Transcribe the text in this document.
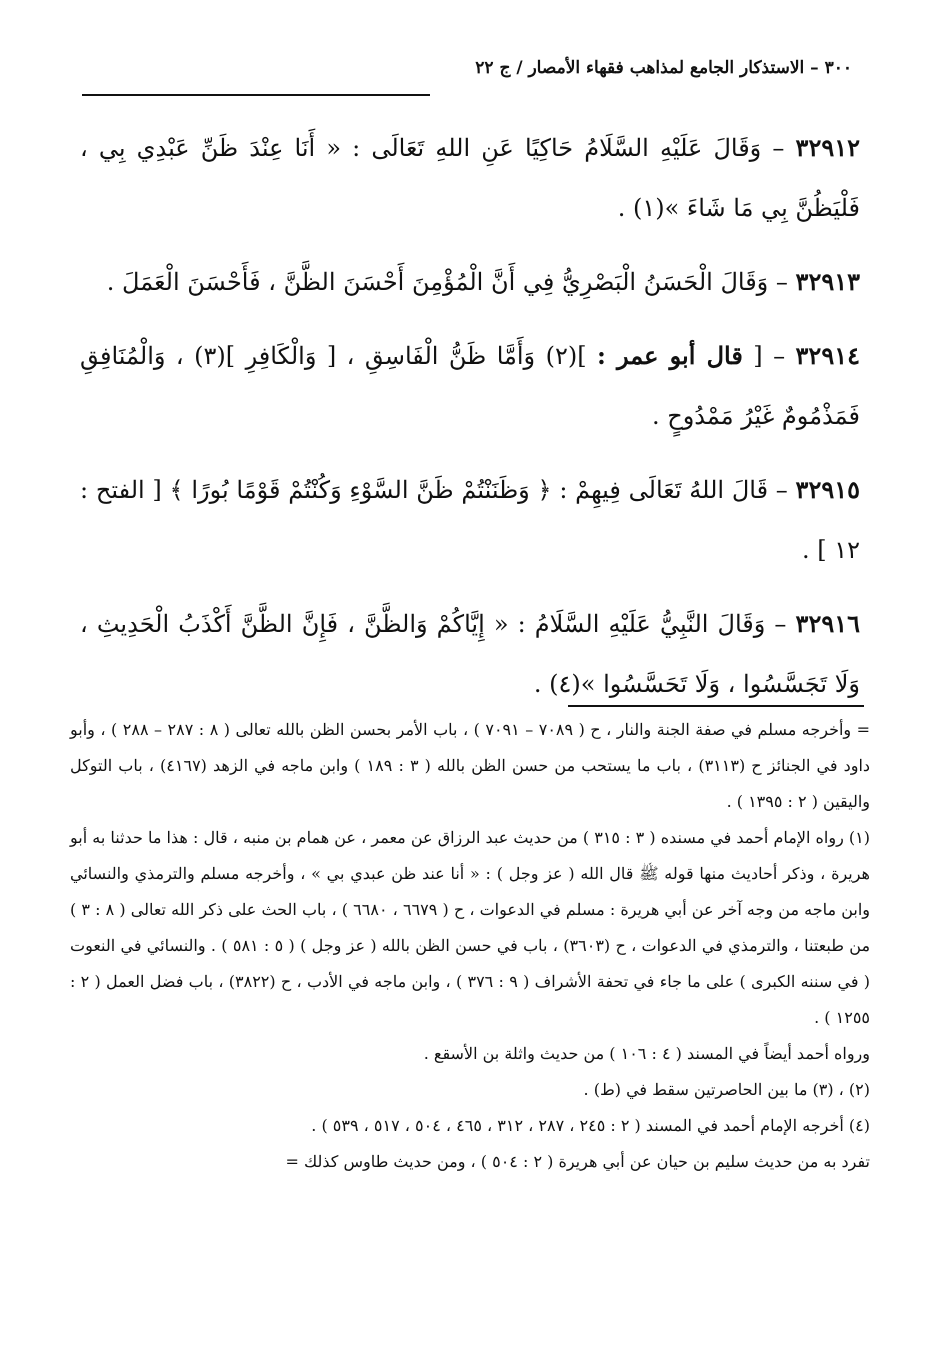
٣٠٠ – الاستذكار الجامع لمذاهب فقهاء الأمصار / ج ٢٢

٣٢٩١٢ – وَقَالَ عَلَيْهِ السَّلَامُ حَاكِيًا عَنِ اللهِ تَعَالَى : « أَنَا عِنْدَ ظَنِّ عَبْدِي بِي ، فَلْيَظُنَّ بِي مَا شَاءَ »(١) .

٣٢٩١٣ – وَقَالَ الْحَسَنُ الْبَصْرِيُّ فِي أَنَّ الْمُؤْمِنَ أَحْسَنَ الظَّنَّ ، فَأَحْسَنَ الْعَمَلَ .

٣٢٩١٤ – [ قال أبو عمر : ](٢) وَأَمَّا ظَنُّ الْفَاسِقِ ، [ وَالْكَافِرِ ](٣) ، وَالْمُنَافِقِ فَمَذْمُومٌ غَيْرُ مَمْدُوحٍ .

٣٢٩١٥ – قَالَ اللهُ تَعَالَى فِيهِمْ : ﴿ وَظَنَنْتُمْ ظَنَّ السَّوْءِ وَكُنْتُمْ قَوْمًا بُورًا ﴾ [ الفتح : ١٢ ] .

٣٢٩١٦ – وَقَالَ النَّبِيُّ عَلَيْهِ السَّلَامُ : « إِيَّاكُمْ وَالظَّنَّ ، فَإِنَّ الظَّنَّ أَكْذَبُ الْحَدِيثِ ، وَلَا تَجَسَّسُوا ، وَلَا تَحَسَّسُوا »(٤) .

= وأخرجه مسلم في صفة الجنة والنار ، ح ( ٧٠٨٩ – ٧٠٩١ ) ، باب الأمر بحسن الظن بالله تعالى ( ٨ : ٢٨٧ – ٢٨٨ ) ، وأبو داود في الجنائز ح (٣١١٣) ، باب ما يستحب من حسن الظن بالله ( ٣ : ١٨٩ ) وابن ماجه في الزهد (٤١٦٧) ، باب التوكل واليقين ( ٢ : ١٣٩٥ ) .

(١) رواه الإمام أحمد في مسنده ( ٣ : ٣١٥ ) من حديث عبد الرزاق عن معمر ، عن همام بن منبه ، قال : هذا ما حدثنا به أبو هريرة ، وذكر أحاديث منها قوله ﷺ قال الله ( عز وجل ) : « أنا عند ظن عبدي بي » ، وأخرجه مسلم والترمذي والنسائي وابن ماجه من وجه آخر عن أبي هريرة : مسلم في الدعوات ، ح ( ٦٦٧٩ ، ٦٦٨٠ ) ، باب الحث على ذكر الله تعالى ( ٨ : ٣ ) من طبعتنا ، والترمذي في الدعوات ، ح (٣٦٠٣) ، باب في حسن الظن بالله ( عز وجل ) ( ٥ : ٥٨١ ) . والنسائي في النعوت ( في سننه الكبرى ) على ما جاء في تحفة الأشراف ( ٩ : ٣٧٦ ) ، وابن ماجه في الأدب ، ح (٣٨٢٢) ، باب فضل العمل ( ٢ : ١٢٥٥ ) .

ورواه أحمد أيضاً في المسند ( ٤ : ١٠٦ ) من حديث واثلة بن الأسقع .

(٢) ، (٣) ما بين الحاصرتين سقط في (ط) .

(٤) أخرجه الإمام أحمد في المسند ( ٢ : ٢٤٥ ، ٢٨٧ ، ٣١٢ ، ٤٦٥ ، ٥٠٤ ، ٥١٧ ، ٥٣٩ ) .

تفرد به من حديث سليم بن حيان عن أبي هريرة ( ٢ : ٥٠٤ ) ، ومن حديث طاوس كذلك =
